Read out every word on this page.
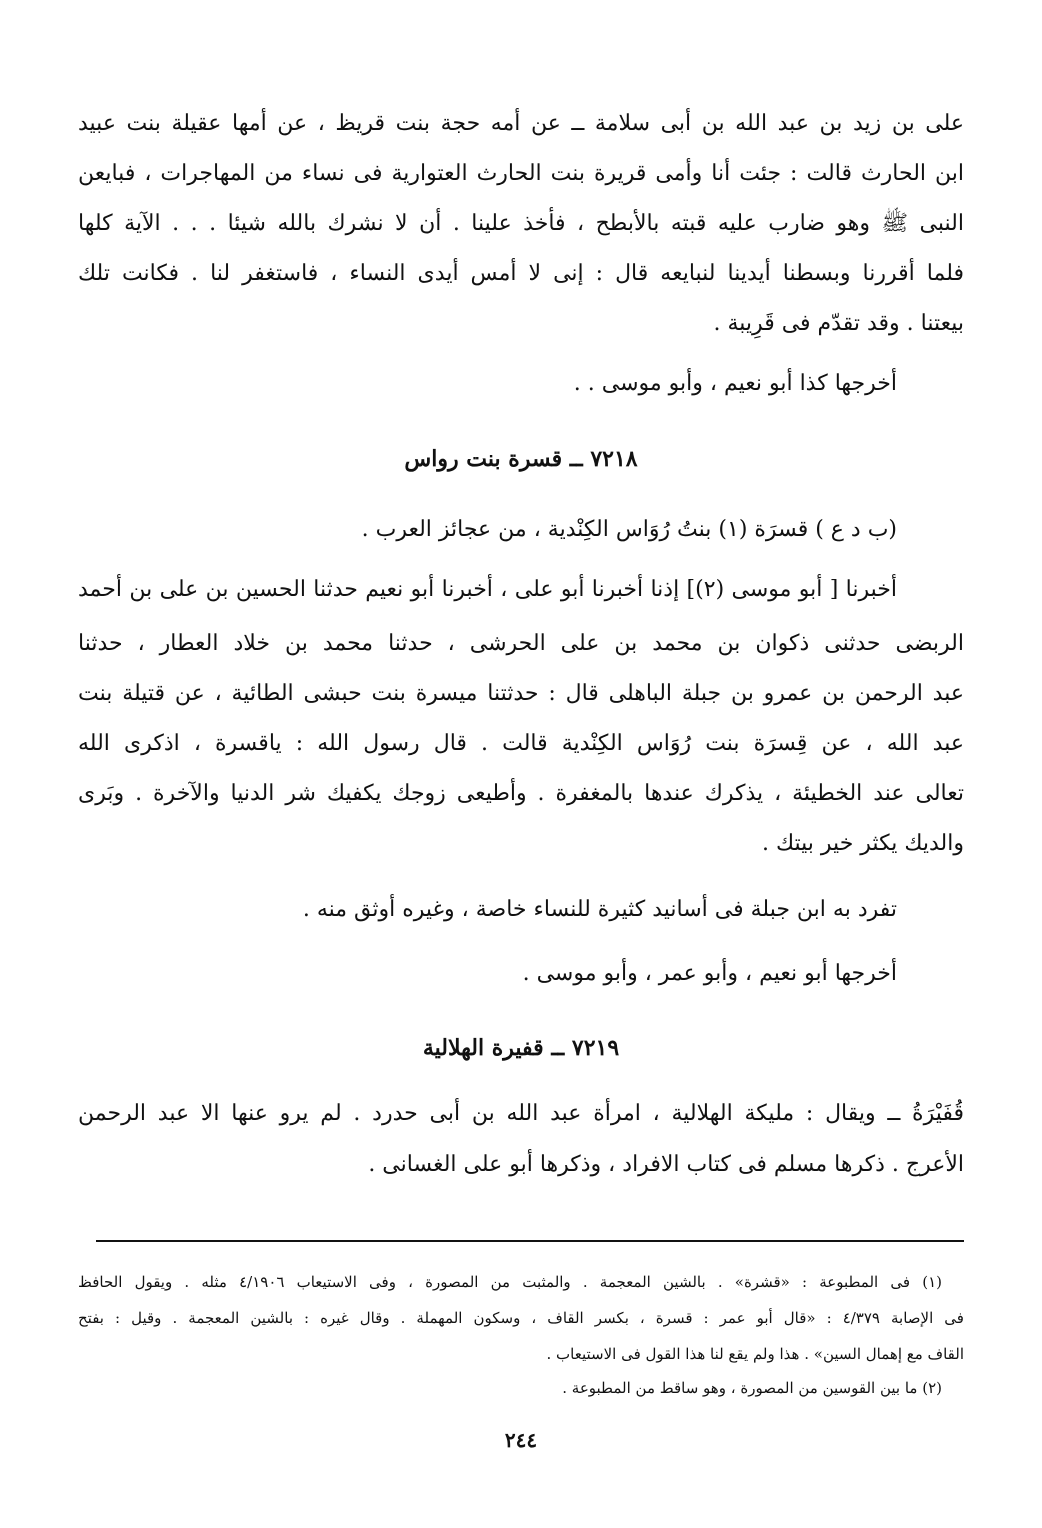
على بن زيد بن عبد الله بن أبى سلامة ــ عن أمه حجة بنت قريظ ، عن أمها عقيلة بنت عبيد
ابن الحارث قالت : جئت أنا وأمى قريرة بنت الحارث العتوارية فى نساء من المهاجرات ، فبايعن
النبى ﷺ وهو ضارب عليه قبته بالأبطح ، فأخذ علينا . أن لا نشرك بالله شيئا . . . الآية كلها
فلما أقررنا وبسطنا أيدينا لنبايعه قال : إنى لا أمس أيدى النساء ، فاستغفر لنا . فكانت تلك
بيعتنا . وقد تقدّم فى قَرِيبة .
أخرجها كذا أبو نعيم ، وأبو موسى . .
٧٢١٨ ــ قسرة بنت رواس
(ب د ع ) قسرَة (١) بنتُ رُوَاس الكِنْدية ، من عجائز العرب .
أخبرنا [ أبو موسى (٢)] إذنا أخبرنا أبو على ، أخبرنا أبو نعيم حدثنا الحسين بن على بن أحمد
الربضى حدثنى ذكوان بن محمد بن على الحرشى ، حدثنا محمد بن خلاد العطار ، حدثنا
عبد الرحمن بن عمرو بن جبلة الباهلى قال : حدثتنا ميسرة بنت حبشى الطائية ، عن قتيلة بنت
عبد الله ، عن قِسرَة بنت رُوَاس الكِنْدية قالت . قال رسول الله : ياقسرة ، اذكرى الله
تعالى عند الخطيئة ، يذكرك عندها بالمغفرة . وأطيعى زوجك يكفيك شر الدنيا والآخرة . وبَرى
والديك يكثر خير بيتك .
تفرد به ابن جبلة فى أسانيد كثيرة للنساء خاصة ، وغيره أوثق منه .
أخرجها أبو نعيم ، وأبو عمر ، وأبو موسى .
٧٢١٩ ــ قفيرة الهلالية
قُفَيْرَةُ ــ ويقال : مليكة الهلالية ، امرأة عبد الله بن أبى حدرد . لم يرو عنها الا عبد الرحمن
الأعرج . ذكرها مسلم فى كتاب الافراد ، وذكرها أبو على الغسانى .
(١) فى المطبوعة : «قشرة» . بالشين المعجمة . والمثبت من المصورة ، وفى الاستيعاب ٤/١٩٠٦ مثله . ويقول الحافظ
فى الإصابة ٤/٣٧٩ : «قال أبو عمر : قسرة ، بكسر القاف ، وسكون المهملة . وقال غيره : بالشين المعجمة . وقيل : بفتح
القاف مع إهمال السين» . هذا ولم يقع لنا هذا القول فى الاستيعاب .
(٢) ما بين القوسين من المصورة ، وهو ساقط من المطبوعة .
٢٤٤
